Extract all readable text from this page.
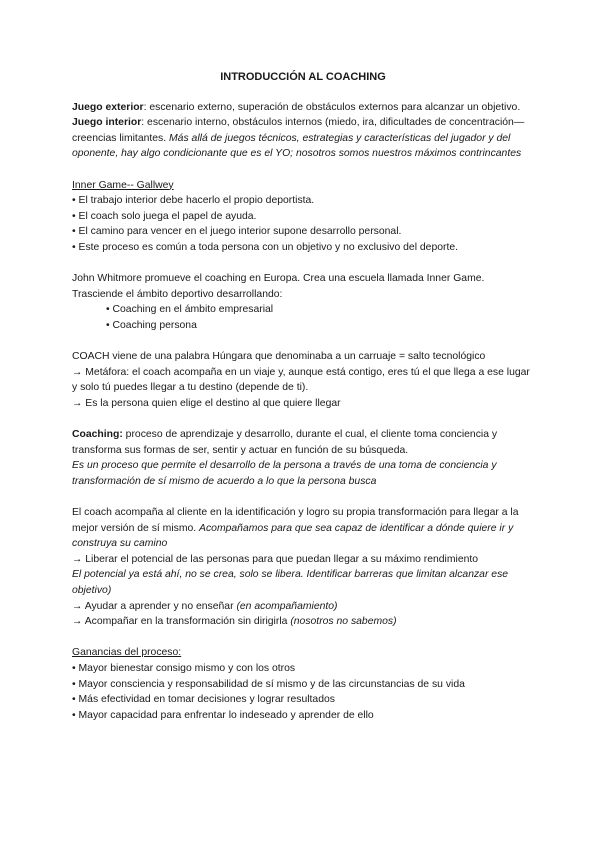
INTRODUCCIÓN AL COACHING

Juego exterior: escenario externo, superación de obstáculos externos para alcanzar un objetivo.

Juego interior: escenario interno, obstáculos internos (miedo, ira, dificultades de concentración—creencias limitantes. Más allá de juegos técnicos, estrategias y características del jugador y del oponente, hay algo condicionante que es el YO; nosotros somos nuestros máximos contrincantes

Inner Game-- Gallwey

• El trabajo interior debe hacerlo el propio deportista.

• El coach solo juega el papel de ayuda.

• El camino para vencer en el juego interior supone desarrollo personal.

• Este proceso es común a toda persona con un objetivo y no exclusivo del deporte.

John Whitmore promueve el coaching en Europa. Crea una escuela llamada Inner Game. Trasciende el ámbito deportivo desarrollando:

• Coaching en el ámbito empresarial

• Coaching persona

COACH viene de una palabra Húngara que denominaba a un carruaje = salto tecnológico

→ Metáfora: el coach acompaña en un viaje y, aunque está contigo, eres tú el que llega a ese lugar y solo tú puedes llegar a tu destino (depende de ti).

→ Es la persona quien elige el destino al que quiere llegar

Coaching: proceso de aprendizaje y desarrollo, durante el cual, el cliente toma conciencia y transforma sus formas de ser, sentir y actuar en función de su búsqueda.

Es un proceso que permite el desarrollo de la persona a través de una toma de conciencia y transformación de sí mismo de acuerdo a lo que la persona busca

El coach acompaña al cliente en la identificación y logro su propia transformación para llegar a la mejor versión de sí mismo. Acompañamos para que sea capaz de identificar a dónde quiere ir y construya su camino

→ Liberar el potencial de las personas para que puedan llegar a su máximo rendimiento

El potencial ya está ahí, no se crea, solo se libera. Identificar barreras que limitan alcanzar ese objetivo)

→ Ayudar a aprender y no enseñar (en acompañamiento)

→ Acompañar en la transformación sin dirigirla (nosotros no sabemos)

Ganancias del proceso:

• Mayor bienestar consigo mismo y con los otros

• Mayor consciencia y responsabilidad de sí mismo y de las circunstancias de su vida

• Más efectividad en tomar decisiones y lograr resultados

• Mayor capacidad para enfrentar lo indeseado y aprender de ello
